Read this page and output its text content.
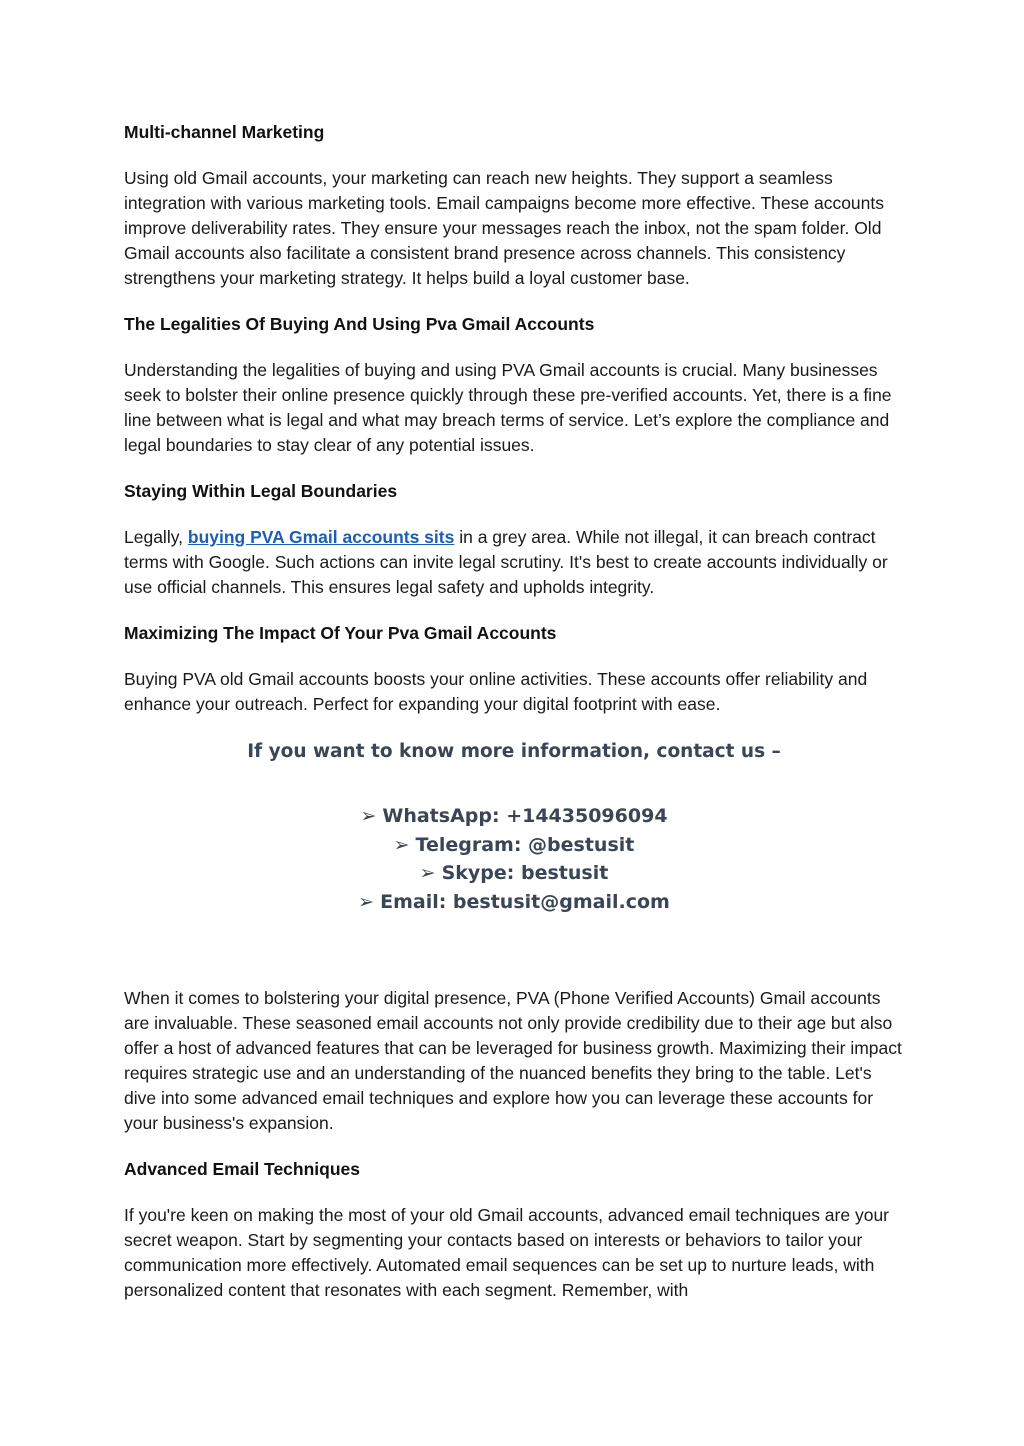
Multi-channel Marketing
Using old Gmail accounts, your marketing can reach new heights. They support a seamless integration with various marketing tools. Email campaigns become more effective. These accounts improve deliverability rates. They ensure your messages reach the inbox, not the spam folder. Old Gmail accounts also facilitate a consistent brand presence across channels. This consistency strengthens your marketing strategy. It helps build a loyal customer base.
The Legalities Of Buying And Using Pva Gmail Accounts
Understanding the legalities of buying and using PVA Gmail accounts is crucial. Many businesses seek to bolster their online presence quickly through these pre-verified accounts. Yet, there is a fine line between what is legal and what may breach terms of service. Let’s explore the compliance and legal boundaries to stay clear of any potential issues.
Staying Within Legal Boundaries
Legally, buying PVA Gmail accounts sits in a grey area. While not illegal, it can breach contract terms with Google. Such actions can invite legal scrutiny. It's best to create accounts individually or use official channels. This ensures legal safety and upholds integrity.
Maximizing The Impact Of Your Pva Gmail Accounts
Buying PVA old Gmail accounts boosts your online activities. These accounts offer reliability and enhance your outreach. Perfect for expanding your digital footprint with ease.
If you want to know more information, contact us –
➢ WhatsApp: +14435096094
➢ Telegram: @bestusit
➢ Skype: bestusit
➢ Email: bestusit@gmail.com
When it comes to bolstering your digital presence, PVA (Phone Verified Accounts) Gmail accounts are invaluable. These seasoned email accounts not only provide credibility due to their age but also offer a host of advanced features that can be leveraged for business growth. Maximizing their impact requires strategic use and an understanding of the nuanced benefits they bring to the table. Let's dive into some advanced email techniques and explore how you can leverage these accounts for your business's expansion.
Advanced Email Techniques
If you're keen on making the most of your old Gmail accounts, advanced email techniques are your secret weapon. Start by segmenting your contacts based on interests or behaviors to tailor your communication more effectively. Automated email sequences can be set up to nurture leads, with personalized content that resonates with each segment. Remember, with
